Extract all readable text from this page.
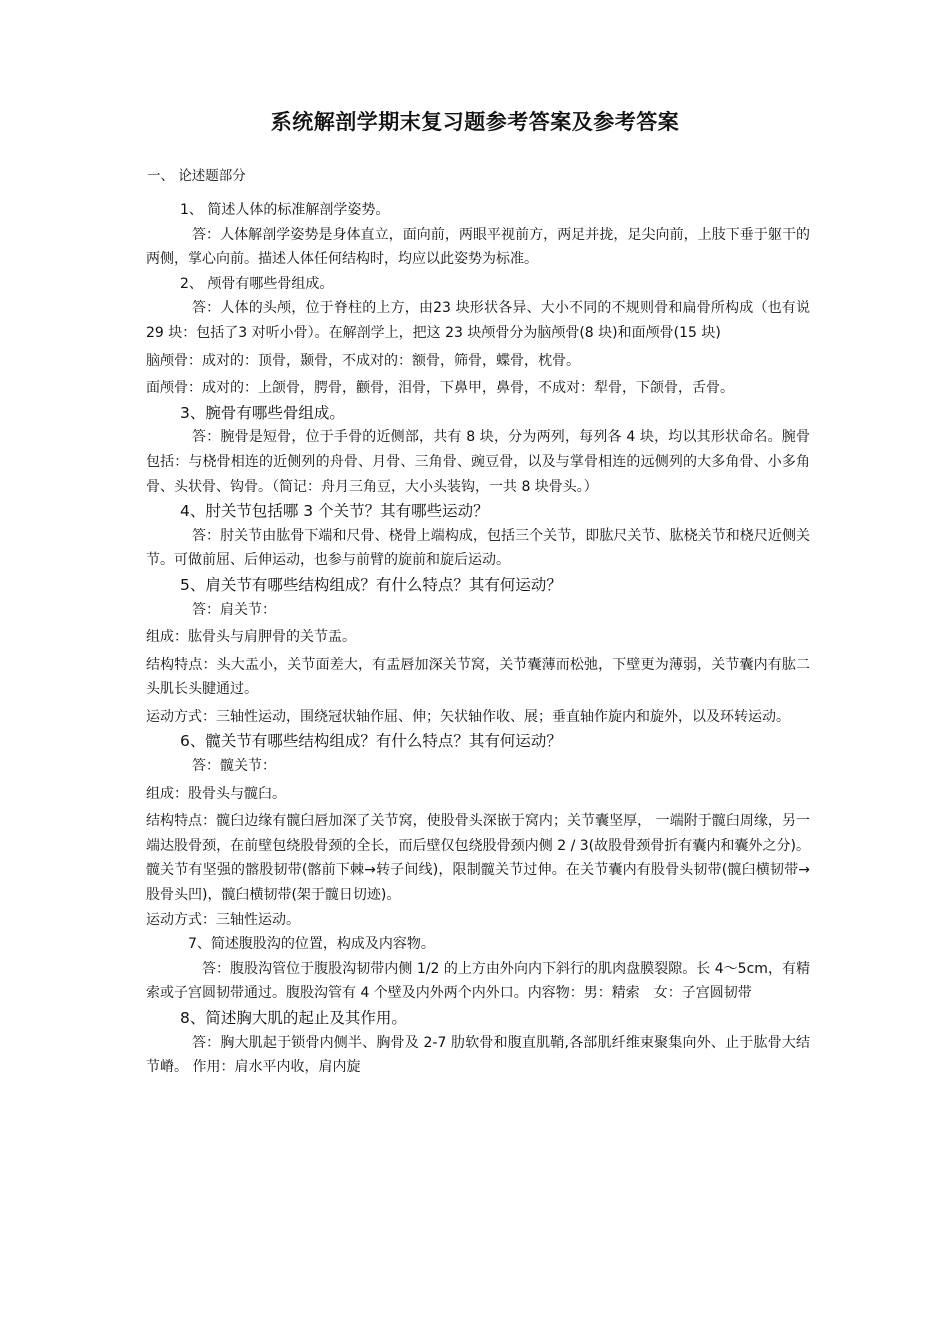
系统解剖学期末复习题参考答案及参考答案
一、 论述题部分

1、 简述人体的标准解剖学姿势。

答：人体解剖学姿势是身体直立，面向前，两眼平视前方，两足并拢，足尖向前，上肢下垂于躯干的两侧，掌心向前。描述人体任何结构时，均应以此姿势为标准。

2、 颅骨有哪些骨组成。

答：人体的头颅，位于脊柱的上方，由23 块形状各异、大小不同的不规则骨和扁骨所构成（也有说 29 块：包括了3 对听小骨）。在解剖学上，把这 23 块颅骨分为脑颅骨(8 块)和面颅骨(15 块)

脑颅骨：成对的：顶骨，颞骨，不成对的：额骨，筛骨，蝶骨，枕骨。

面颅骨：成对的：上颌骨，腭骨，颧骨，泪骨，下鼻甲，鼻骨，不成对：犁骨，下颌骨，舌骨。

3、腕骨有哪些骨组成。

答：腕骨是短骨，位于手骨的近侧部，共有 8 块，分为两列，每列各 4 块，均以其形状命名。腕骨包括：与桡骨相连的近侧列的舟骨、月骨、三角骨、豌豆骨，以及与掌骨相连的远侧列的大多角骨、小多角骨、头状骨、钩骨。（简记：舟月三角豆，大小头装钩，一共 8 块骨头。）

4、肘关节包括哪 3 个关节？其有哪些运动？

答：肘关节由肱骨下端和尺骨、桡骨上端构成，包括三个关节，即肱尺关节、肱桡关节和桡尺近侧关节。可做前屈、后伸运动，也参与前臂的旋前和旋后运动。

5、肩关节有哪些结构组成？有什么特点？其有何运动？

答：肩关节：

组成：肱骨头与肩胛骨的关节盂。

结构特点：头大盂小，关节面差大，有盂唇加深关节窝，关节囊薄而松弛，下壁更为薄弱，关节囊内有肱二头肌长头腱通过。

运动方式：三轴性运动，围绕冠状轴作屈、伸；矢状轴作收、展；垂直轴作旋内和旋外，以及环转运动。

6、髋关节有哪些结构组成？有什么特点？其有何运动？

答：髋关节：

组成：股骨头与髋臼。

结构特点：髋臼边缘有髋臼唇加深了关节窝，使股骨头深嵌于窝内；关节囊坚厚， 一端附于髋臼周缘，另一端达股骨颈，在前壁包绕股骨颈的全长，而后壁仅包绕股骨颈内侧 2 / 3(故股骨颈骨折有囊内和囊外之分)。髋关节有坚强的髂股韧带(髂前下棘→转子间线)，限制髋关节过伸。在关节囊内有股骨头韧带(髋臼横韧带→股骨头凹)，髋臼横韧带(架于髋日切迹)。

运动方式：三轴性运动。

7、简述腹股沟的位置，构成及内容物。

答：腹股沟管位于腹股沟韧带内侧 1/2 的上方由外向内下斜行的肌肉盘膜裂隙。长 4～5cm，有精索或子宫圆韧带通过。腹股沟管有 4 个壁及内外两个内外口。内容物：男：精索　女：子宫圆韧带

8、简述胸大肌的起止及其作用。

答：胸大肌起于锁骨内侧半、胸骨及 2-7 肋软骨和腹直肌鞘,各部肌纤维束聚集向外、止于肱骨大结节嵴。 作用：肩水平内收，肩内旋
